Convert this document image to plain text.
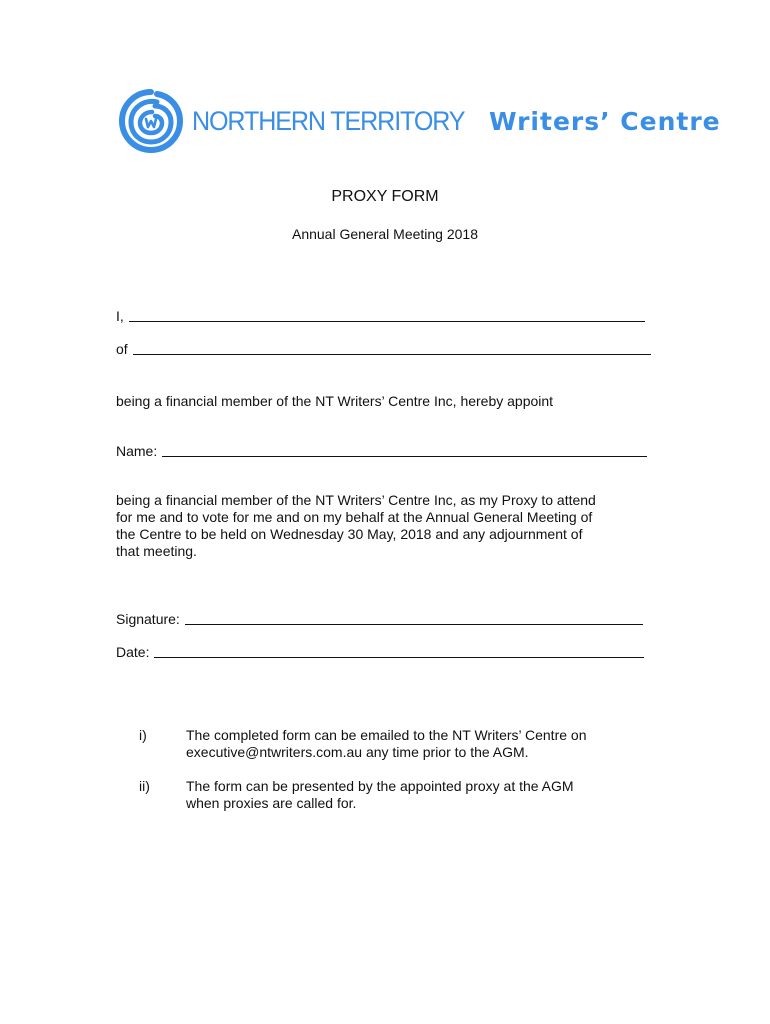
NORTHERN TERRITORY Writers’ Centre
PROXY FORM
Annual General Meeting 2018
I,
of
being a financial member of the NT Writers’ Centre Inc, hereby appoint
Name:
being a financial member of the NT Writers’ Centre Inc, as my Proxy to attend
for me and to vote for me and on my behalf at the Annual General Meeting of
the Centre to be held on Wednesday 30 May, 2018 and any adjournment of
that meeting.
Signature:
Date:
i)	The completed form can be emailed to the NT Writers’ Centre on
executive@ntwriters.com.au any time prior to the AGM.
ii)	The form can be presented by the appointed proxy at the AGM
when proxies are called for.
